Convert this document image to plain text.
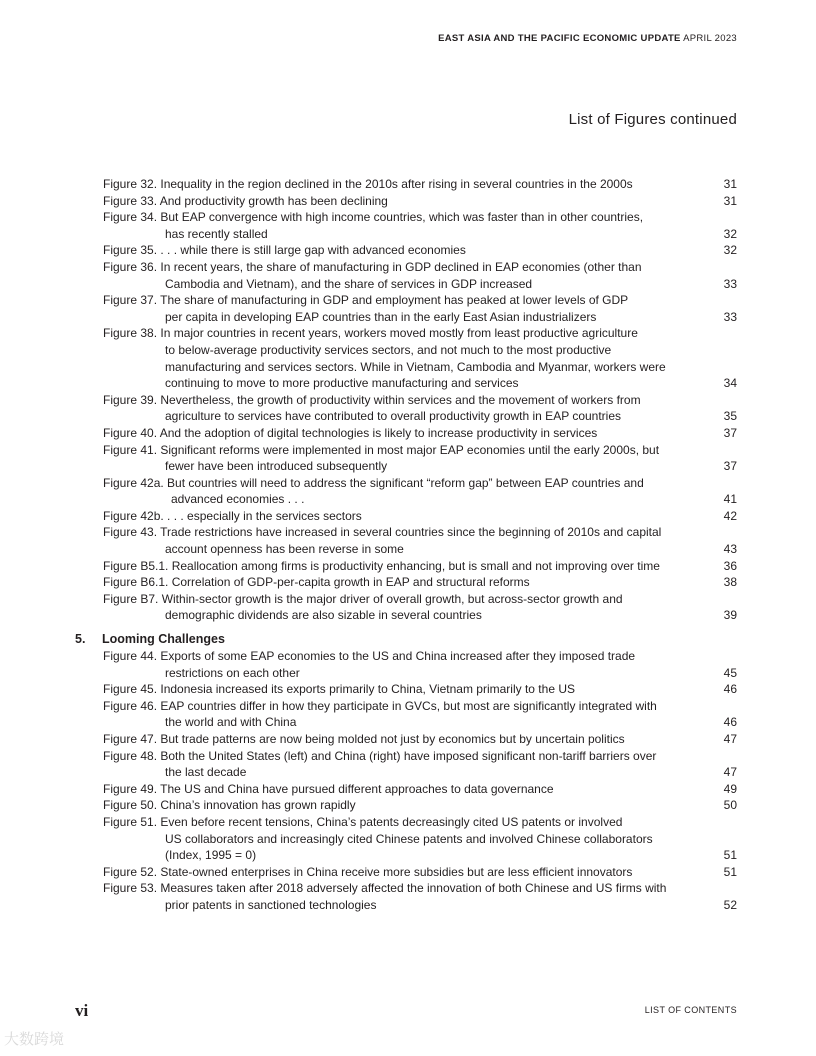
EAST ASIA AND THE PACIFIC ECONOMIC UPDATE APRIL 2023
List of Figures continued
Figure 32. Inequality in the region declined in the 2010s after rising in several countries in the 2000s	31
Figure 33. And productivity growth has been declining	31
Figure 34. But EAP convergence with high income countries, which was faster than in other countries,
has recently stalled	32
Figure 35. . . . while there is still large gap with advanced economies	32
Figure 36. In recent years, the share of manufacturing in GDP declined in EAP economies (other than
Cambodia and Vietnam), and the share of services in GDP increased	33
Figure 37. The share of manufacturing in GDP and employment has peaked at lower levels of GDP
per capita in developing EAP countries than in the early East Asian industrializers	33
Figure 38. In major countries in recent years, workers moved mostly from least productive agriculture
to below-average productivity services sectors, and not much to the most productive
manufacturing and services sectors. While in Vietnam, Cambodia and Myanmar, workers were
continuing to move to more productive manufacturing and services	34
Figure 39. Nevertheless, the growth of productivity within services and the movement of workers from
agriculture to services have contributed to overall productivity growth in EAP countries	35
Figure 40. And the adoption of digital technologies is likely to increase productivity in services	37
Figure 41. Significant reforms were implemented in most major EAP economies until the early 2000s, but
fewer have been introduced subsequently	37
Figure 42a. But countries will need to address the significant “reform gap” between EAP countries and
advanced economies . . .	41
Figure 42b. . . . especially in the services sectors	42
Figure 43. Trade restrictions have increased in several countries since the beginning of 2010s and capital
account openness has been reverse in some	43
Figure B5.1. Reallocation among firms is productivity enhancing, but is small and not improving over time	36
Figure B6.1. Correlation of GDP-per-capita growth in EAP and structural reforms	38
Figure B7. Within-sector growth is the major driver of overall growth, but across-sector growth and
demographic dividends are also sizable in several countries	39
5. Looming Challenges
Figure 44. Exports of some EAP economies to the US and China increased after they imposed trade
restrictions on each other	45
Figure 45. Indonesia increased its exports primarily to China, Vietnam primarily to the US	46
Figure 46. EAP countries differ in how they participate in GVCs, but most are significantly integrated with
the world and with China	46
Figure 47. But trade patterns are now being molded not just by economics but by uncertain politics	47
Figure 48. Both the United States (left) and China (right) have imposed significant non-tariff barriers over
the last decade	47
Figure 49. The US and China have pursued different approaches to data governance	49
Figure 50. China’s innovation has grown rapidly	50
Figure 51. Even before recent tensions, China’s patents decreasingly cited US patents or involved
US collaborators and increasingly cited Chinese patents and involved Chinese collaborators
(Index, 1995 = 0)	51
Figure 52. State-owned enterprises in China receive more subsidies but are less efficient innovators	51
Figure 53. Measures taken after 2018 adversely affected the innovation of both Chinese and US firms with
prior patents in sanctioned technologies	52
vi	LIST OF CONTENTS
大数跨境
